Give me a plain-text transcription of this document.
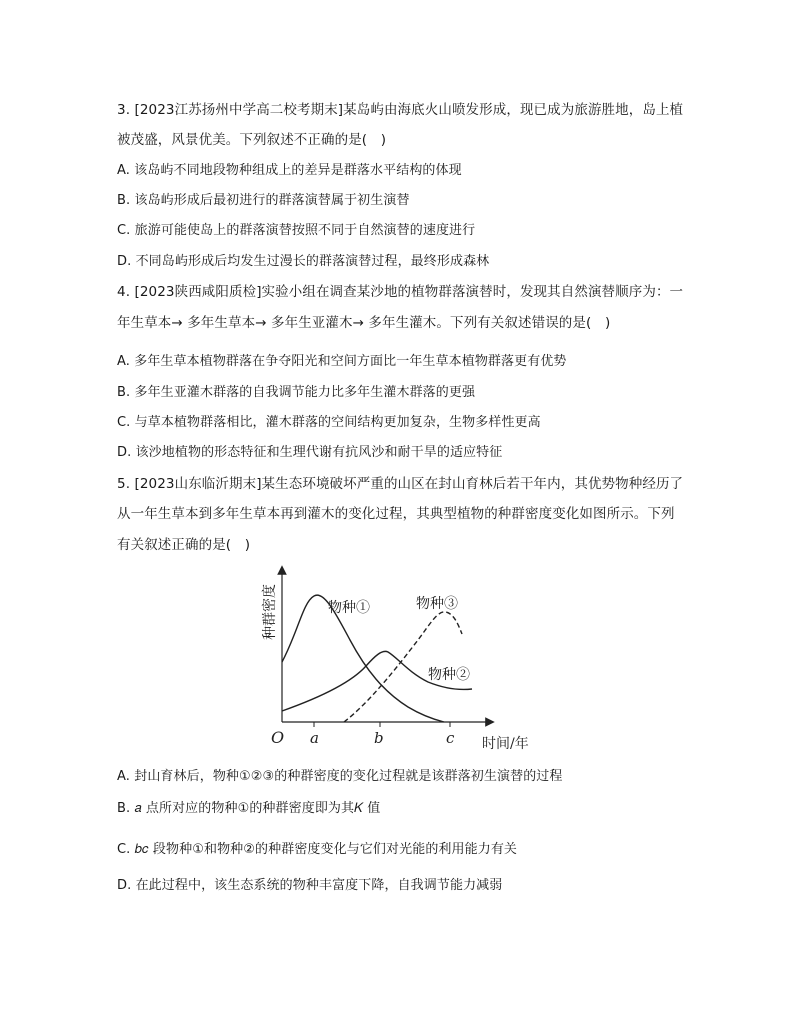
3. [2023江苏扬州中学高二校考期末]某岛屿由海底火山喷发形成，现已成为旅游胜地，岛上植
被茂盛，风景优美。下列叙述不正确的是(　)
A. 该岛屿不同地段物种组成上的差异是群落水平结构的体现
B. 该岛屿形成后最初进行的群落演替属于初生演替
C. 旅游可能使岛上的群落演替按照不同于自然演替的速度进行
D. 不同岛屿形成后均发生过漫长的群落演替过程，最终形成森林
4. [2023陕西咸阳质检]实验小组在调查某沙地的植物群落演替时，发现其自然演替顺序为：一
年生草本→ 多年生草本→ 多年生亚灌木→ 多年生灌木。下列有关叙述错误的是(　)
A. 多年生草本植物群落在争夺阳光和空间方面比一年生草本植物群落更有优势
B. 多年生亚灌木群落的自我调节能力比多年生灌木群落的更强
C. 与草本植物群落相比，灌木群落的空间结构更加复杂，生物多样性更高
D. 该沙地植物的形态特征和生理代谢有抗风沙和耐干旱的适应特征
5. [2023山东临沂期末]某生态环境破坏严重的山区在封山育林后若干年内，其优势物种经历了
从一年生草本到多年生草本再到灌木的变化过程，其典型植物的种群密度变化如图所示。下列
有关叙述正确的是(　)
O a	b	c 时间/年
种群密度	物种①	物种③
物种②
A. 封山育林后，物种①②③的种群密度的变化过程就是该群落初生演替的过程
B. 𝑎 点所对应的物种①的种群密度即为其𝐾 值
C. 𝑏𝑐 段物种①和物种②的种群密度变化与它们对光能的利用能力有关
D. 在此过程中，该生态系统的物种丰富度下降，自我调节能力减弱
